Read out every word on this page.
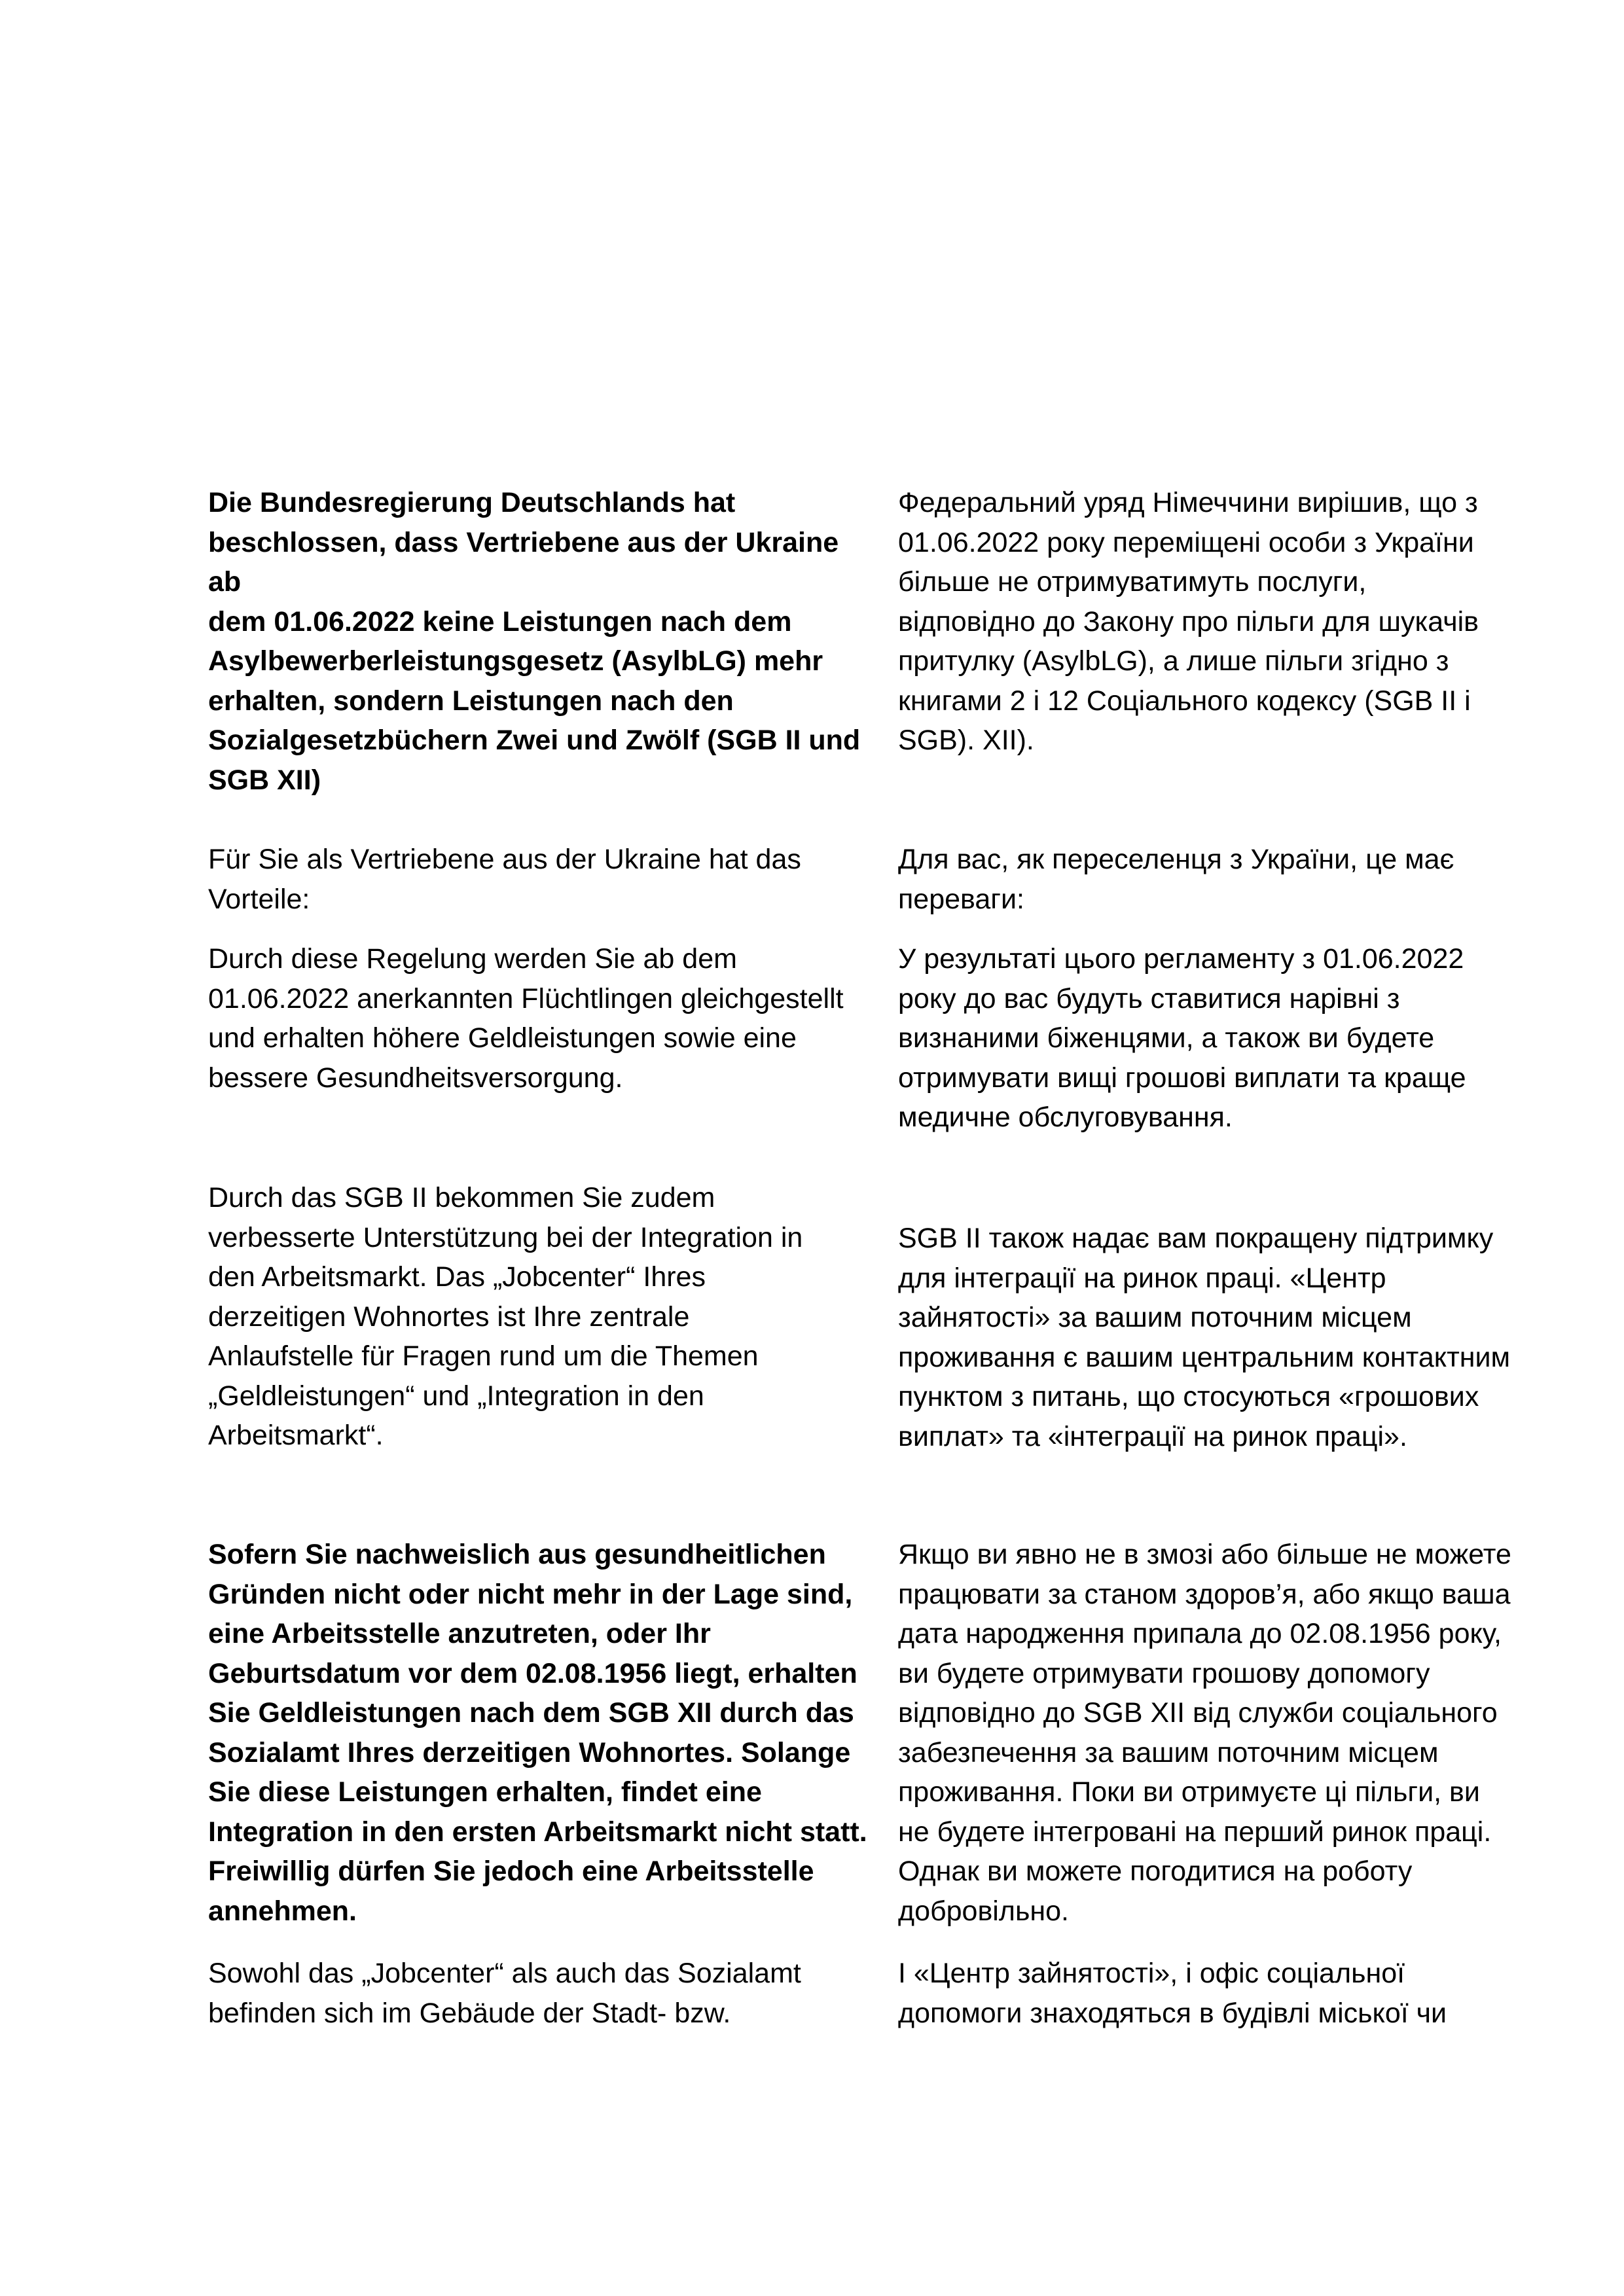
Die Bundesregierung Deutschlands hat
beschlossen, dass Vertriebene aus der Ukraine ab
dem 01.06.2022 keine Leistungen nach dem
Asylbewerberleistungsgesetz (AsylbLG) mehr
erhalten, sondern Leistungen nach den
Sozialgesetzbüchern Zwei und Zwölf (SGB II und
SGB XII)

Федеральний уряд Німеччини вирішив, що з
01.06.2022 року переміщені особи з України
більше не отримуватимуть послуги,
відповідно до Закону про пільги для шукачів
притулку (AsylbLG), а лише пільги згідно з
книгами 2 і 12 Соціального кодексу (SGB II і
SGB). XII).

Für Sie als Vertriebene aus der Ukraine hat das
Vorteile:

Для вас, як переселенця з України, це має
переваги:

Durch diese Regelung werden Sie ab dem
01.06.2022 anerkannten Flüchtlingen gleichgestellt
und erhalten höhere Geldleistungen sowie eine
bessere Gesundheitsversorgung.

У результаті цього регламенту з 01.06.2022
року до вас будуть ставитися нарівні з
визнаними біженцями, а також ви будете
отримувати вищі грошові виплати та краще
медичне обслуговування.

Durch das SGB II bekommen Sie zudem
verbesserte Unterstützung bei der Integration in
den Arbeitsmarkt. Das „Jobcenter“ Ihres
derzeitigen Wohnortes ist Ihre zentrale
Anlaufstelle für Fragen rund um die Themen
„Geldleistungen“ und „Integration in den
Arbeitsmarkt“.

SGB II також надає вам покращену підтримку
для інтеграції на ринок праці. «Центр
зайнятості» за вашим поточним місцем
проживання є вашим центральним контактним
пунктом з питань, що стосуються «грошових
виплат» та «інтеграції на ринок праці».

Sofern Sie nachweislich aus gesundheitlichen
Gründen nicht oder nicht mehr in der Lage sind,
eine Arbeitsstelle anzutreten, oder Ihr
Geburtsdatum vor dem 02.08.1956 liegt, erhalten
Sie Geldleistungen nach dem SGB XII durch das
Sozialamt Ihres derzeitigen Wohnortes. Solange
Sie diese Leistungen erhalten, findet eine
Integration in den ersten Arbeitsmarkt nicht statt.
Freiwillig dürfen Sie jedoch eine Arbeitsstelle
annehmen.

Якщо ви явно не в змозі або більше не можете
працювати за станом здоров’я, або якщо ваша
дата народження припала до 02.08.1956 року,
ви будете отримувати грошову допомогу
відповідно до SGB XII від служби соціального
забезпечення за вашим поточним місцем
проживання. Поки ви отримуєте ці пільги, ви
не будете інтегровані на перший ринок праці.
Однак ви можете погодитися на роботу
добровільно.

Sowohl das „Jobcenter“ als auch das Sozialamt
befinden sich im Gebäude der Stadt- bzw.

І «Центр зайнятості», і офіс соціальної
допомоги знаходяться в будівлі міської чи
